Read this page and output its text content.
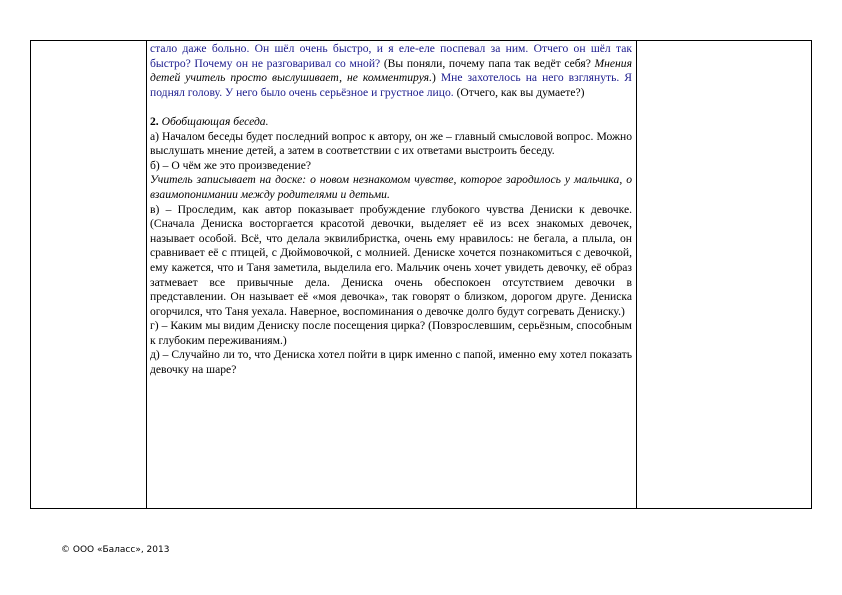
стало даже больно. Он шёл очень быстро, и я еле-еле поспевал за ним. Отчего он шёл так быстро? Почему он не разговаривал со мной? (Вы поняли, почему папа так ведёт себя? Мнения детей учитель просто выслушивает, не комментируя.) Мне захотелось на него взглянуть. Я поднял голову. У него было очень серьёзное и грустное лицо. (Отчего, как вы думаете?)

2. Обобщающая беседа.

а) Началом беседы будет последний вопрос к автору, он же – главный смысловой вопрос. Можно выслушать мнение детей, а затем в соответствии с их ответами выстроить беседу.

б) – О чём же это произведение?

Учитель записывает на доске: о новом незнакомом чувстве, которое зародилось у мальчика, о взаимопонимании между родителями и детьми.

в) – Проследим, как автор показывает пробуждение глубокого чувства Дениски к девочке. (Сначала Дениска восторгается красотой девочки, выделяет её из всех знакомых девочек, называет особой. Всё, что делала эквилибристка, очень ему нравилось: не бегала, а плыла, он сравнивает её с птицей, с Дюймовочкой, с молнией. Дениске хочется познакомиться с девочкой, ему кажется, что и Таня заметила, выделила его. Мальчик очень хочет увидеть девочку, её образ затмевает все привычные дела. Дениска очень обеспокоен отсутствием девочки в представлении. Он называет её «моя девочка», так говорят о близком, дорогом друге. Дениска огорчился, что Таня уехала. Наверное, воспоминания о девочке долго будут согревать Дениску.)

г) – Каким мы видим Дениску после посещения цирка? (Повзрослевшим, серьёзным, способным к глубоким переживаниям.)

д) – Случайно ли то, что Дениска хотел пойти в цирк именно с папой, именно ему хотел показать девочку на шаре?

© ООО «Баласс», 2013
